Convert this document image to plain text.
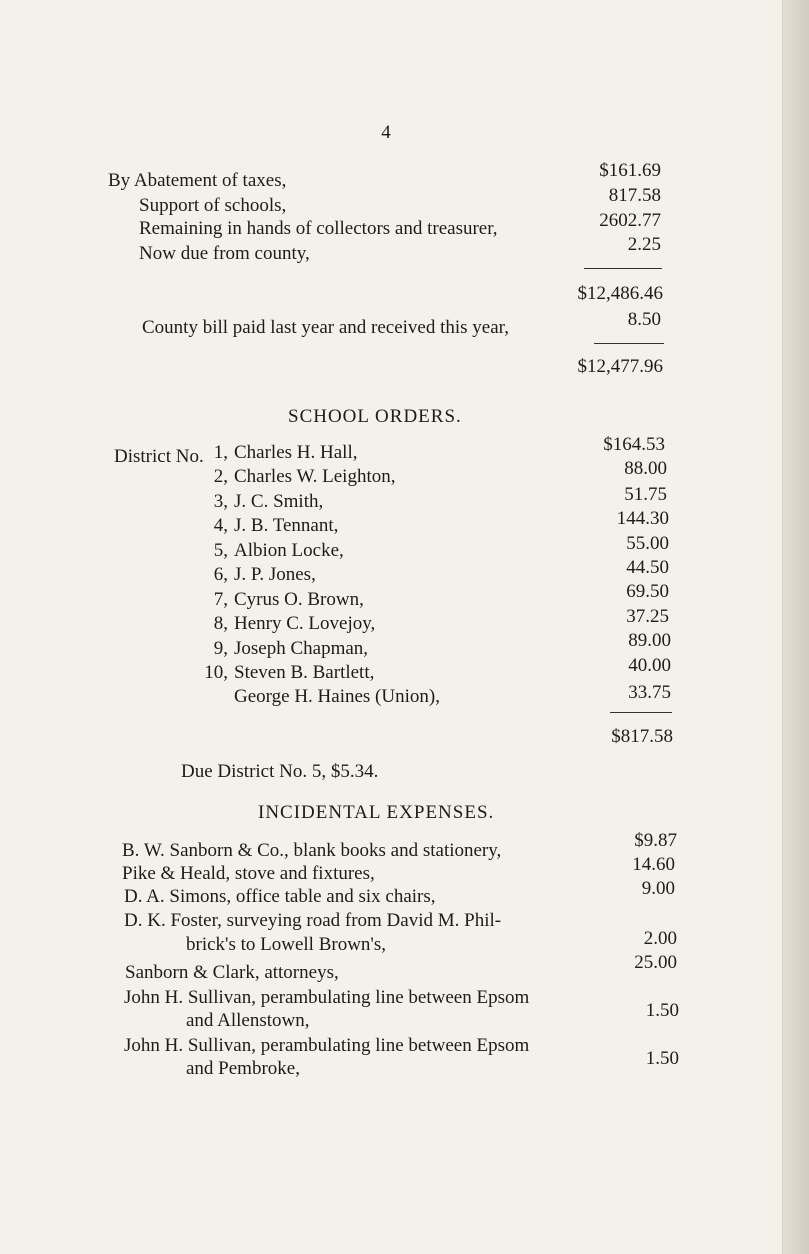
4
By Abatement of taxes,	$161.69
Support of schools,	817.58
Remaining in hands of collectors and treasurer,	2602.77
Now due from county,	2.25
$12,486.46
County bill paid last year and received this year,	8.50
$12,477.96
SCHOOL ORDERS.
District No. 1, Charles H. Hall,	$164.53
2, Charles W. Leighton,	88.00
3, J. C. Smith,	51.75
4, J. B. Tennant,	144.30
5, Albion Locke,	55.00
6, J. P. Jones,	44.50
7, Cyrus O. Brown,	69.50
8, Henry C. Lovejoy,	37.25
9, Joseph Chapman,	89.00
10, Steven B. Bartlett,	40.00
George H. Haines (Union),	33.75
$817.58
Due District No. 5, $5.34.
INCIDENTAL EXPENSES.
B. W. Sanborn & Co., blank books and stationery,	$9.87
Pike & Heald, stove and fixtures,	14.60
D. A. Simons, office table and six chairs,	9.00
D. K. Foster, surveying road from David M. Phil-
brick's to Lowell Brown's,	2.00
Sanborn & Clark, attorneys,	25.00
John H. Sullivan, perambulating line between Epsom
and Allenstown,	1.50
John H. Sullivan, perambulating line between Epsom
and Pembroke,	1.50
